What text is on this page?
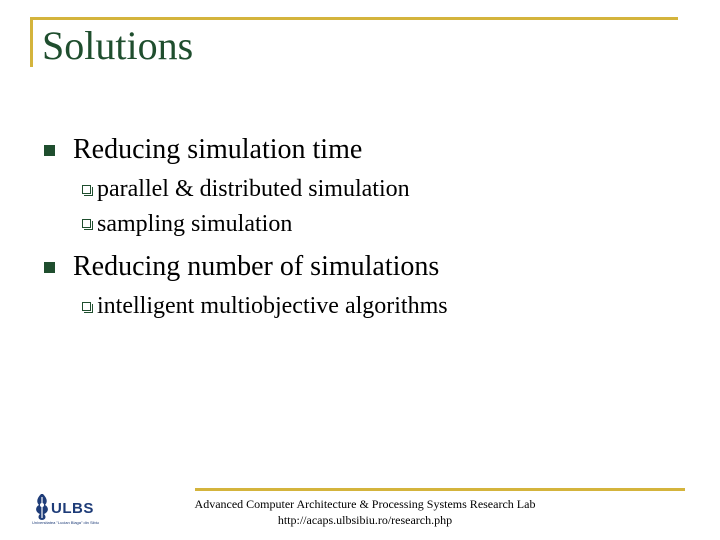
Solutions
Reducing simulation time
parallel & distributed simulation
sampling simulation
Reducing number of simulations
intelligent multiobjective algorithms
Advanced Computer Architecture & Processing Systems Research Lab
http://acaps.ulbsibiu.ro/research.php
ULBS
Universitatea "Lucian Blaga" din Sibiu
